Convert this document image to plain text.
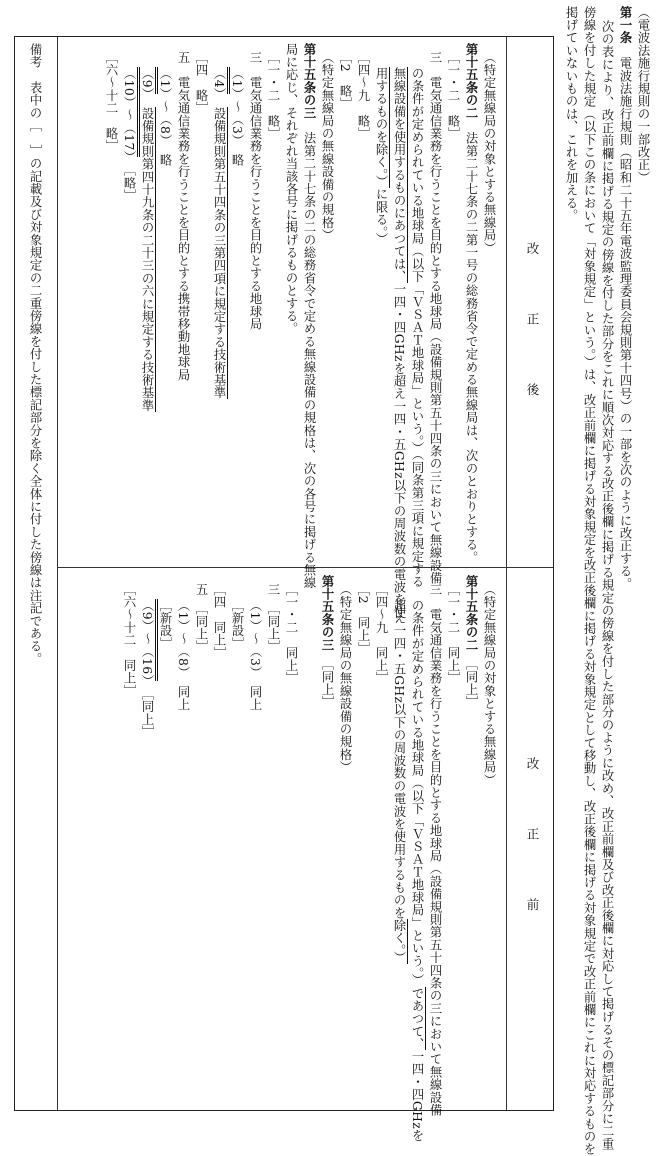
（電波法施行規則の一部改正）
第一条　電波法施行規則（昭和二十五年電波監理委員会規則第十四号）の一部を次のように改正する。
次の表により、改正前欄に掲げる規定の傍線を付した部分をこれに順次対応する改正後欄に掲げる規定の傍線を付した部分のように改め、改正前欄及び改正後欄に対応して掲げるその標記部分に二重
傍線を付した規定（以下この条において「対象規定」という。）は、改正前欄に掲げる対象規定を改正後欄に掲げる対象規定として移動し、改正後欄に掲げる対象規定で改正前欄にこれに対応するものを
掲げていないものは、これを加える。
改正後
改正前
（特定無線局の対象とする無線局）
第十五条の二　法第二十七条の二第一号の総務省令で定める無線局は、次のとおりとする。
［一・二　略］
三　電気通信業務を行うことを目的とする地球局（設備規則第五十四条の三において無線設備
の条件が定められている地球局（以下「ＶＳＡＴ地球局」という。）（同条第三項に規定する
無線設備を使用するものにあつては、一四・四GHzを超え一四・五GHz以下の周波数の電波を使
用するものを除く。）に限る。）
［四～九　略］
［2　略］
（特定無線局の無線設備の規格）
第十五条の三　法第二十七条の二の総務省令で定める無線設備の規格は、次の各号に掲げる無線
局に応じ、それぞれ当該各号に掲げるものとする。
［一・二　略］
三　電気通信業務を行うことを目的とする地球局
（1）～（3）　略
（4）　設備規則第五十四条の三第四項に規定する技術基準
［四　略］
五　電気通信業務を行うことを目的とする携帯移動地球局
（1）～（8）　略
（9）　設備規則第四十九条の二十三の六に規定する技術基準
（10）～（17）　［略］
［六～十二　略］
（特定無線局の対象とする無線局）
第十五条の二　［同上］
［一・二　同上］
三　電気通信業務を行うことを目的とする地球局（設備規則第五十四条の三において無線設備
の条件が定められている地球局（以下「ＶＳＡＴ地球局」という。）であつて、一四・四GHzを
超え一四・五GHz以下の周波数の電波を使用するものを除く。）
［四～九　同上］
［2　同上］
（特定無線局の無線設備の規格）
第十五条の三　［同上］
［一・二　同上］
三　［同上］
（1）～（3）　同上
［新設］
［四　同上］
五　［同上］
（1）～（8）　同上
［新設］
（9）～（16）　［同上］
［六～十二　同上］
備考　表中の［　］の記載及び対象規定の二重傍線を付した標記部分を除く全体に付した傍線は注記である。
